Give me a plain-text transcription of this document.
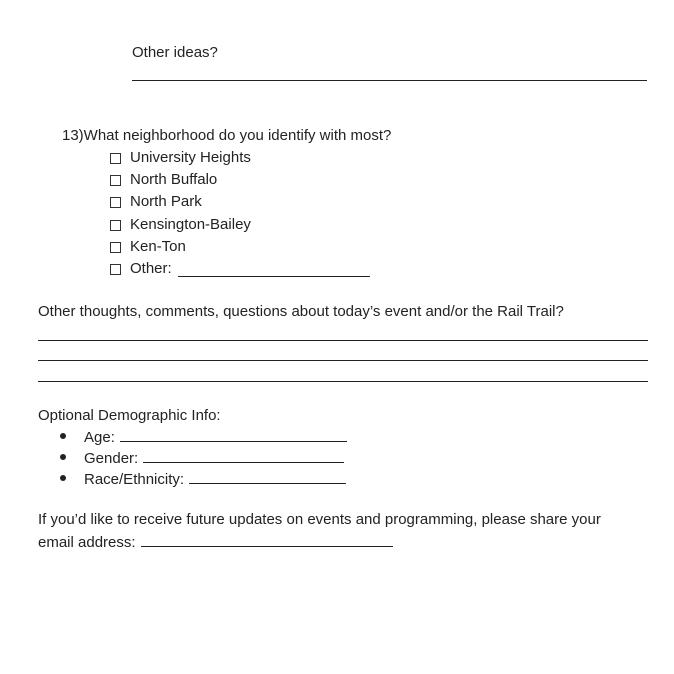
Other ideas?
13)What neighborhood do you identify with most?
University Heights
North Buffalo
North Park
Kensington-Bailey
Ken-Ton
Other:
Other thoughts, comments, questions about today’s event and/or the Rail Trail?
Optional Demographic Info:
Age:
Gender:
Race/Ethnicity:
If you’d like to receive future updates on events and programming, please share your
email address:
